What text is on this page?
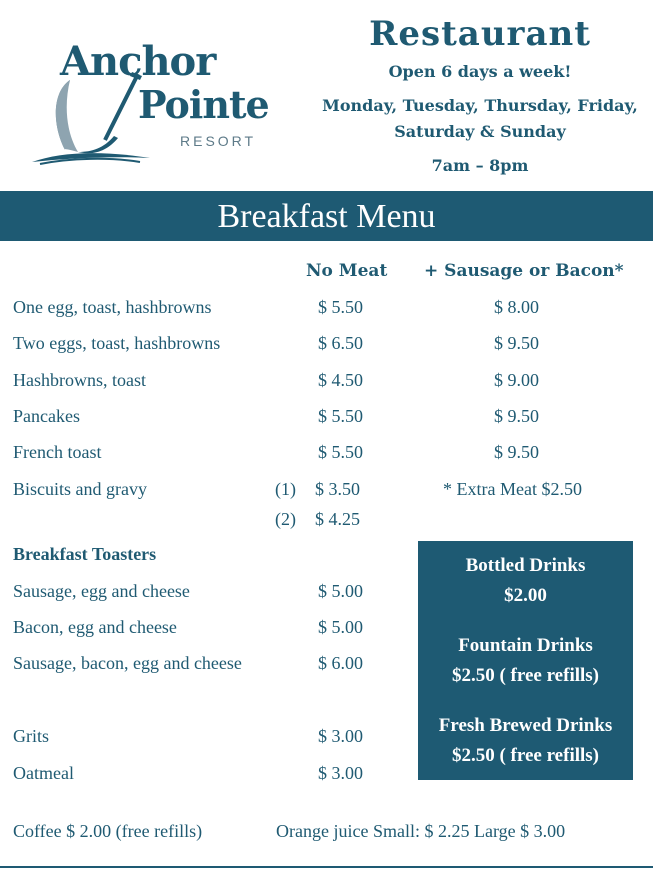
Anchor
Pointe
RESORT
Restaurant
Open 6 days a week!
Monday, Tuesday, Thursday, Friday,
Saturday & Sunday
7am – 8pm
Breakfast Menu
No Meat + Sausage or Bacon*
One egg, toast, hashbrowns	$ 5.50	$ 8.00
Two eggs, toast, hashbrowns	$ 6.50	$ 9.50
Hashbrowns, toast	$ 4.50	$ 9.00
Pancakes	$ 5.50	$ 9.50
French toast	$ 5.50	$ 9.50
Biscuits and gravy	(1) $ 3.50
(2) $ 4.25
* Extra Meat $2.50
Breakfast Toasters
Sausage, egg and cheese	$ 5.00
Bacon, egg and cheese	$ 5.00
Sausage, bacon, egg and cheese	$ 6.00
Grits	$ 3.00
Oatmeal	$ 3.00
Bottled Drinks
$2.00
Fountain Drinks
$2.50 ( free refills)
Fresh Brewed Drinks
$2.50 ( free refills)
Coffee $ 2.00 (free refills)	Orange juice Small: $ 2.25 Large $ 3.00
